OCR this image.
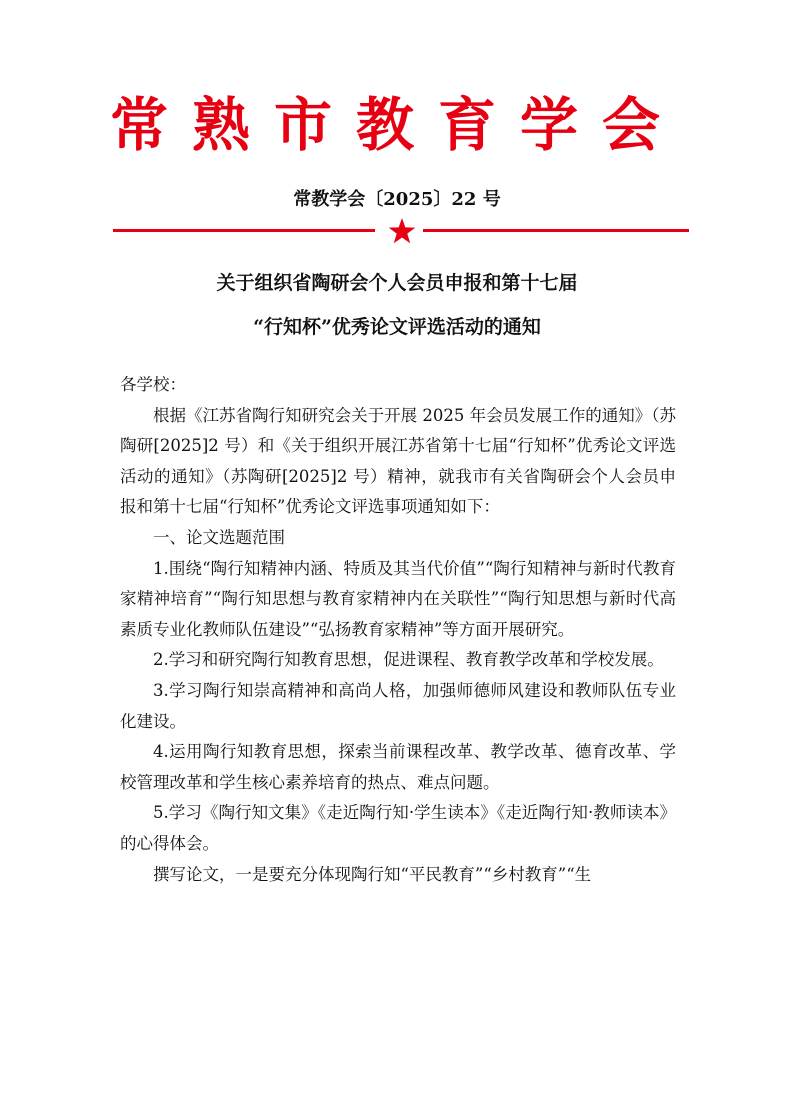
常熟市教育学会
常教学会〔2025〕22 号
关于组织省陶研会个人会员申报和第十七届
“行知杯”优秀论文评选活动的通知

各学校：

根据《江苏省陶行知研究会关于开展 2025 年会员发展工作的通知》（苏陶研[2025]2 号）和《关于组织开展江苏省第十七届“行知杯”优秀论文评选活动的通知》（苏陶研[2025]2 号）精神，就我市有关省陶研会个人会员申报和第十七届“行知杯”优秀论文评选事项通知如下：

一、论文选题范围

1.围绕“陶行知精神内涵、特质及其当代价值”“陶行知精神与新时代教育家精神培育”“陶行知思想与教育家精神内在关联性”“陶行知思想与新时代高素质专业化教师队伍建设”“弘扬教育家精神”等方面开展研究。

2.学习和研究陶行知教育思想，促进课程、教育教学改革和学校发展。

3.学习陶行知崇高精神和高尚人格，加强师德师风建设和教师队伍专业化建设。

4.运用陶行知教育思想，探索当前课程改革、教学改革、德育改革、学校管理改革和学生核心素养培育的热点、难点问题。

5.学习《陶行知文集》《走近陶行知·学生读本》《走近陶行知·教师读本》的心得体会。

撰写论文，一是要充分体现陶行知“平民教育”“乡村教育”“生
